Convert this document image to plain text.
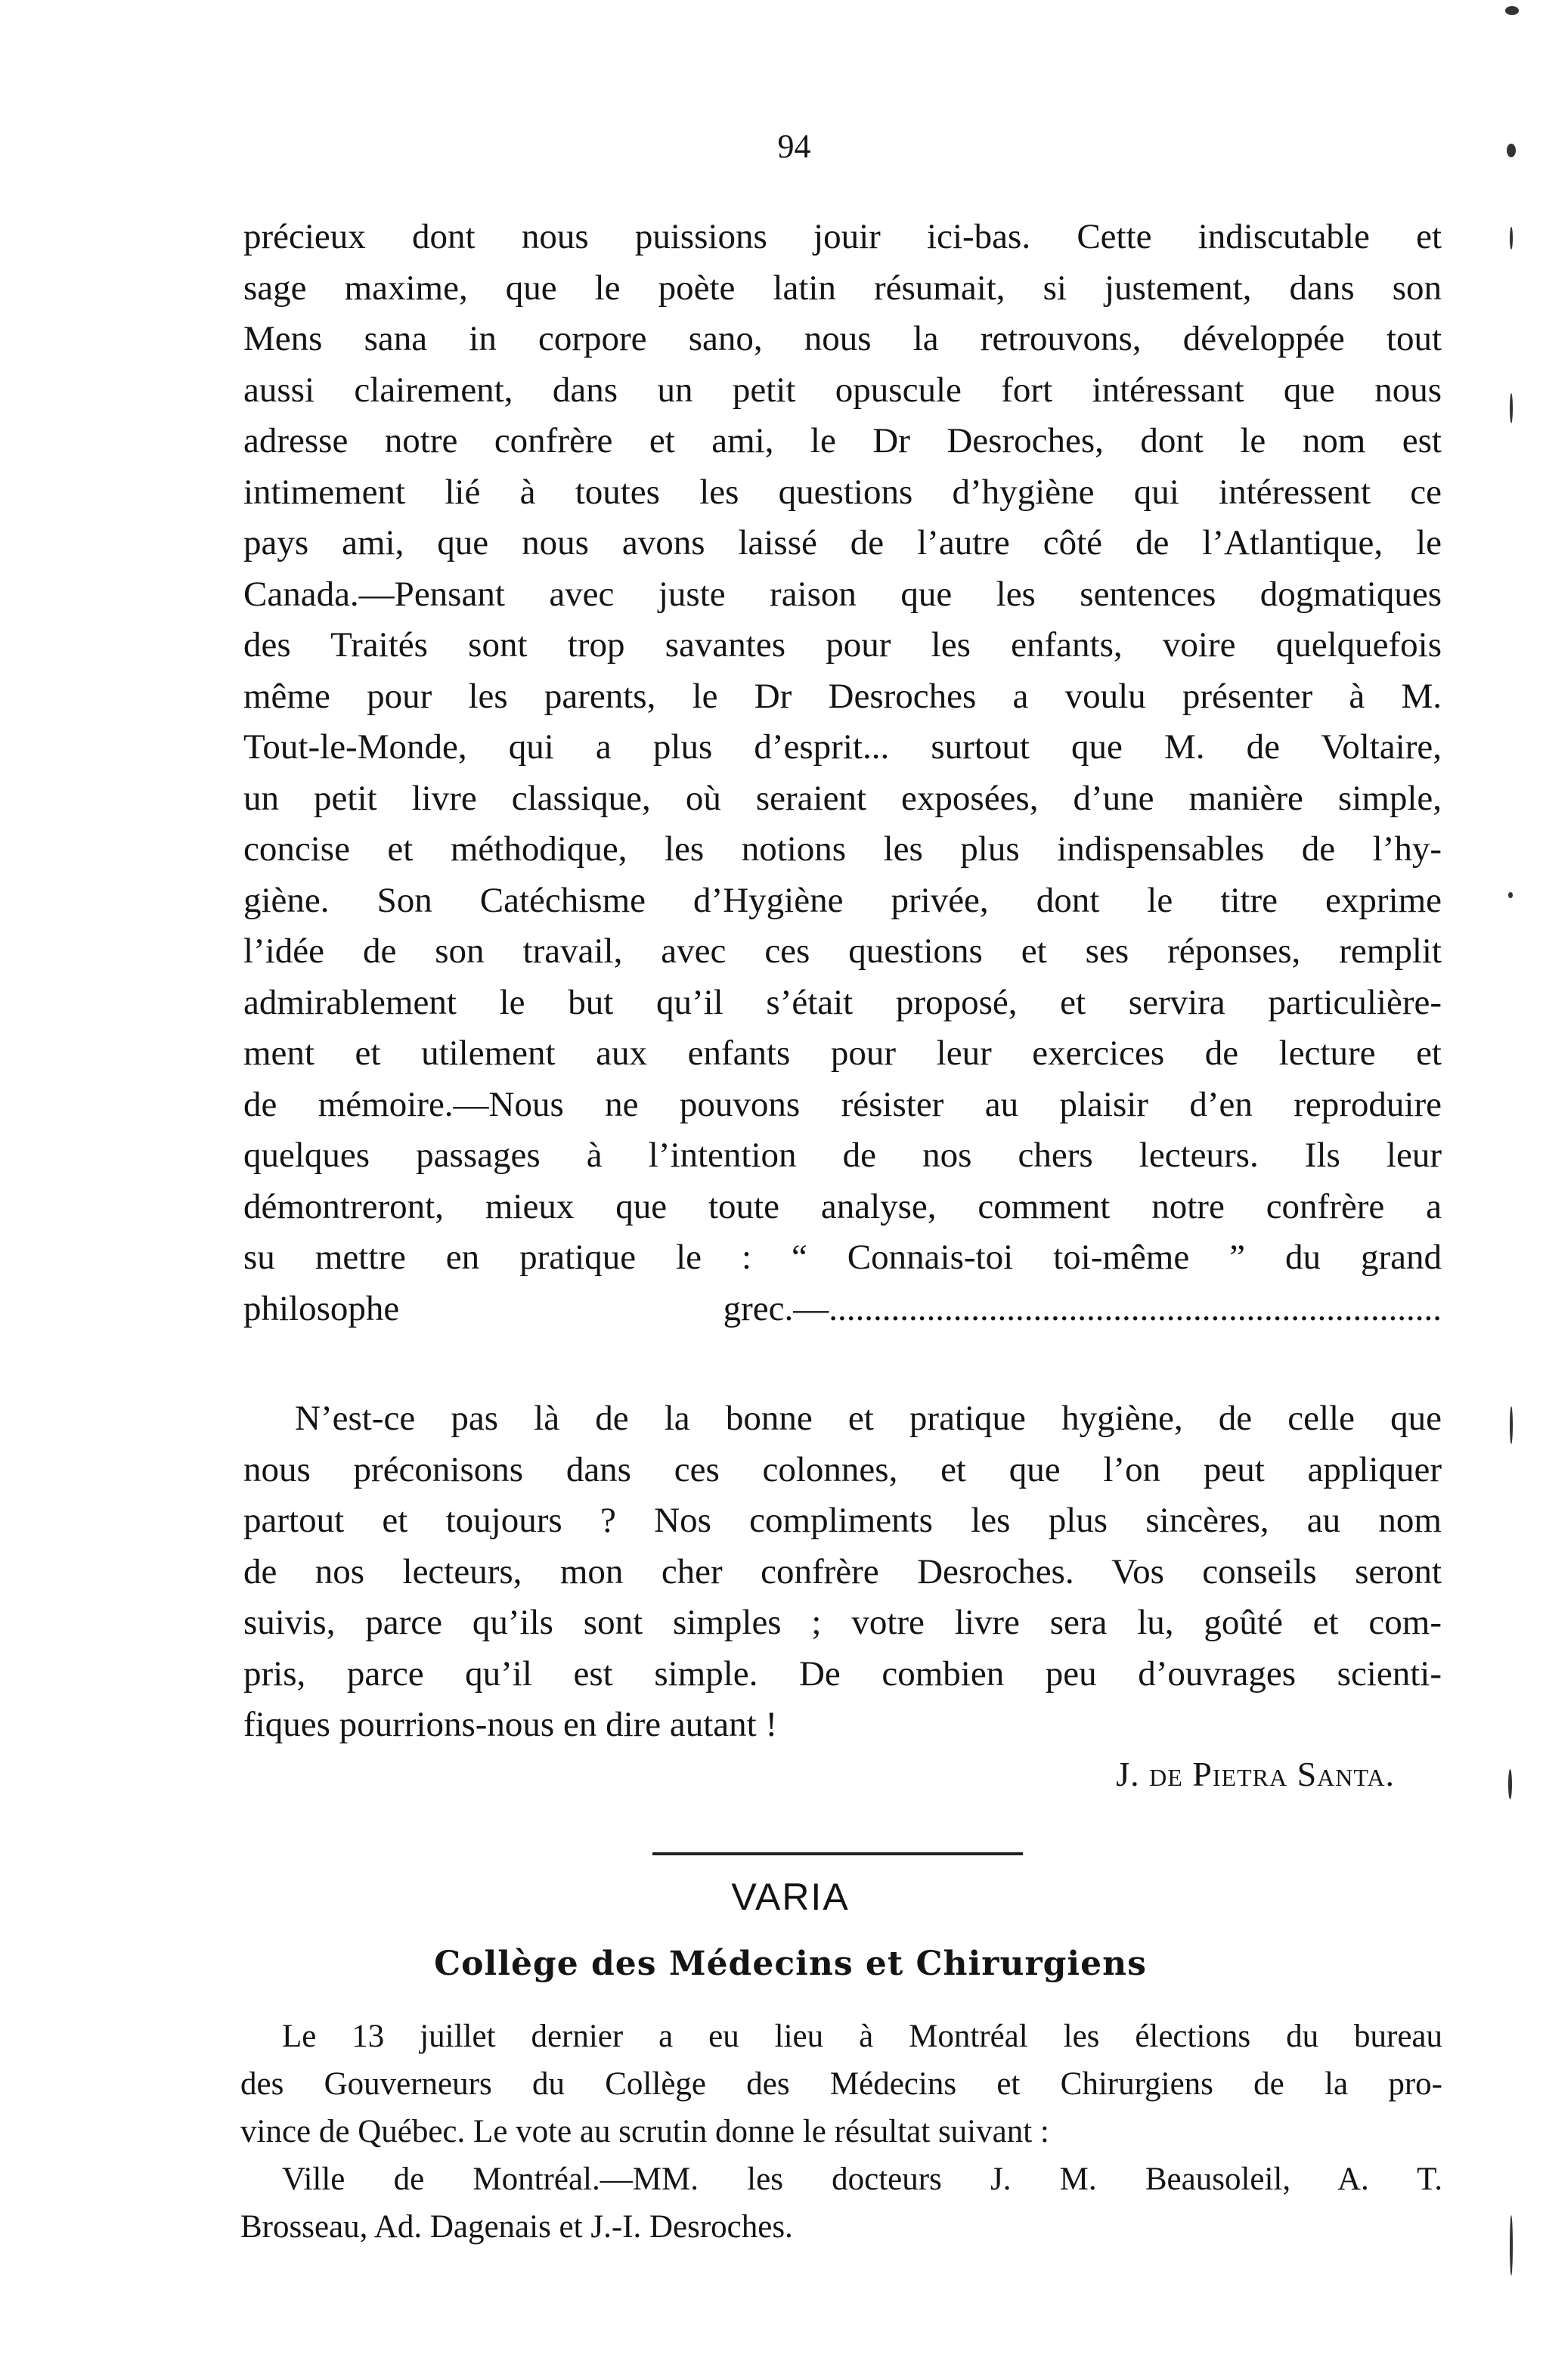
94
précieux dont nous puissions jouir ici-bas. Cette indiscutable et
sage maxime, que le poète latin résumait, si justement, dans son
Mens sana in corpore sano, nous la retrouvons, développée tout
aussi clairement, dans un petit opuscule fort intéressant que nous
adresse notre confrère et ami, le Dr Desroches, dont le nom est
intimement lié à toutes les questions d’hygiène qui intéressent ce
pays ami, que nous avons laissé de l’autre côté de l’Atlantique, le
Canada.—Pensant avec juste raison que les sentences dogmatiques
des Traités sont trop savantes pour les enfants, voire quelquefois
même pour les parents, le Dr Desroches a voulu présenter à M.
Tout-le-Monde, qui a plus d’esprit... surtout que M. de Voltaire,
un petit livre classique, où seraient exposées, d’une manière simple,
concise et méthodique, les notions les plus indispensables de l’hy-
giène. Son Catéchisme d’Hygiène privée, dont le titre exprime
l’idée de son travail, avec ces questions et ses réponses, remplit
admirablement le but qu’il s’était proposé, et servira particulière-
ment et utilement aux enfants pour leur exercices de lecture et
de mémoire.—Nous ne pouvons résister au plaisir d’en reproduire
quelques passages à l’intention de nos chers lecteurs. Ils leur
démontreront, mieux que toute analyse, comment notre confrère a
su mettre en pratique le : “ Connais-toi toi-même ” du grand
philosophe grec.—.....................................................................
N’est-ce pas là de la bonne et pratique hygiène, de celle que
nous préconisons dans ces colonnes, et que l’on peut appliquer
partout et toujours ? Nos compliments les plus sincères, au nom
de nos lecteurs, mon cher confrère Desroches. Vos conseils seront
suivis, parce qu’ils sont simples ; votre livre sera lu, goûté et com-
pris, parce qu’il est simple. De combien peu d’ouvrages scienti-
fiques pourrions-nous en dire autant !
J. de Pietra Santa.
VARIA
Collège des Médecins et Chirurgiens
Le 13 juillet dernier a eu lieu à Montréal les élections du bureau
des Gouverneurs du Collège des Médecins et Chirurgiens de la pro-
vince de Québec. Le vote au scrutin donne le résultat suivant :
Ville de Montréal.—MM. les docteurs J. M. Beausoleil, A. T.
Brosseau, Ad. Dagenais et J.-I. Desroches.
